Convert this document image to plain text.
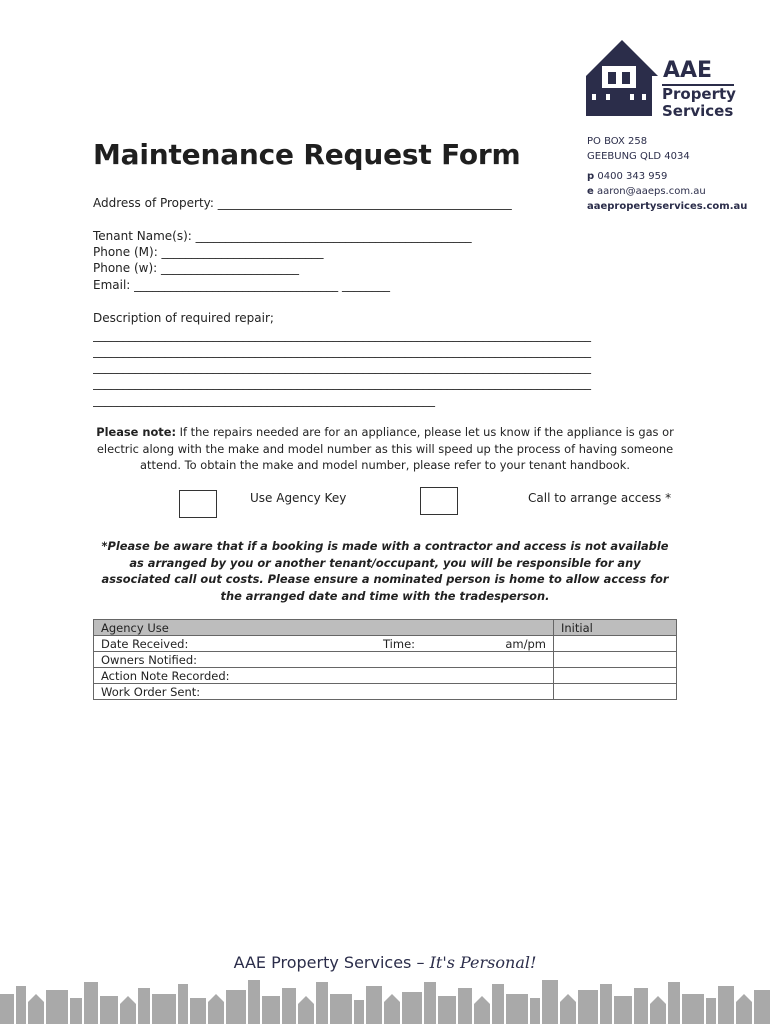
AAE
Property
Services
PO BOX 258
GEEBUNG QLD 4034
p 0400 343 959
e aaron@aaeps.com.au
aaepropertyservices.com.au
Maintenance Request Form
Address of Property: _________________________________________________
Tenant Name(s): ______________________________________________
Phone (M): ___________________________
Phone (w): _______________________
Email: __________________________________ ________
Description of required repair;
___________________________________________________________________________________
___________________________________________________________________________________
___________________________________________________________________________________
___________________________________________________________________________________
_________________________________________________________
Please note: If the repairs needed are for an appliance, please let us know if the appliance is gas or electric along with the make and model number as this will speed up the process of having someone attend. To obtain the make and model number, please refer to your tenant handbook.
Use Agency Key	Call to arrange access *
*Please be aware that if a booking is made with a contractor and access is not available as arranged by you or another tenant/occupant, you will be responsible for any associated call out costs. Please ensure a nominated person is home to allow access for the arranged date and time with the tradesperson.
Agency Use			Initial
Date Received:	Time:	am/pm	
Owners Notified:			
Action Note Recorded:			
Work Order Sent:			
AAE Property Services – It's Personal!
